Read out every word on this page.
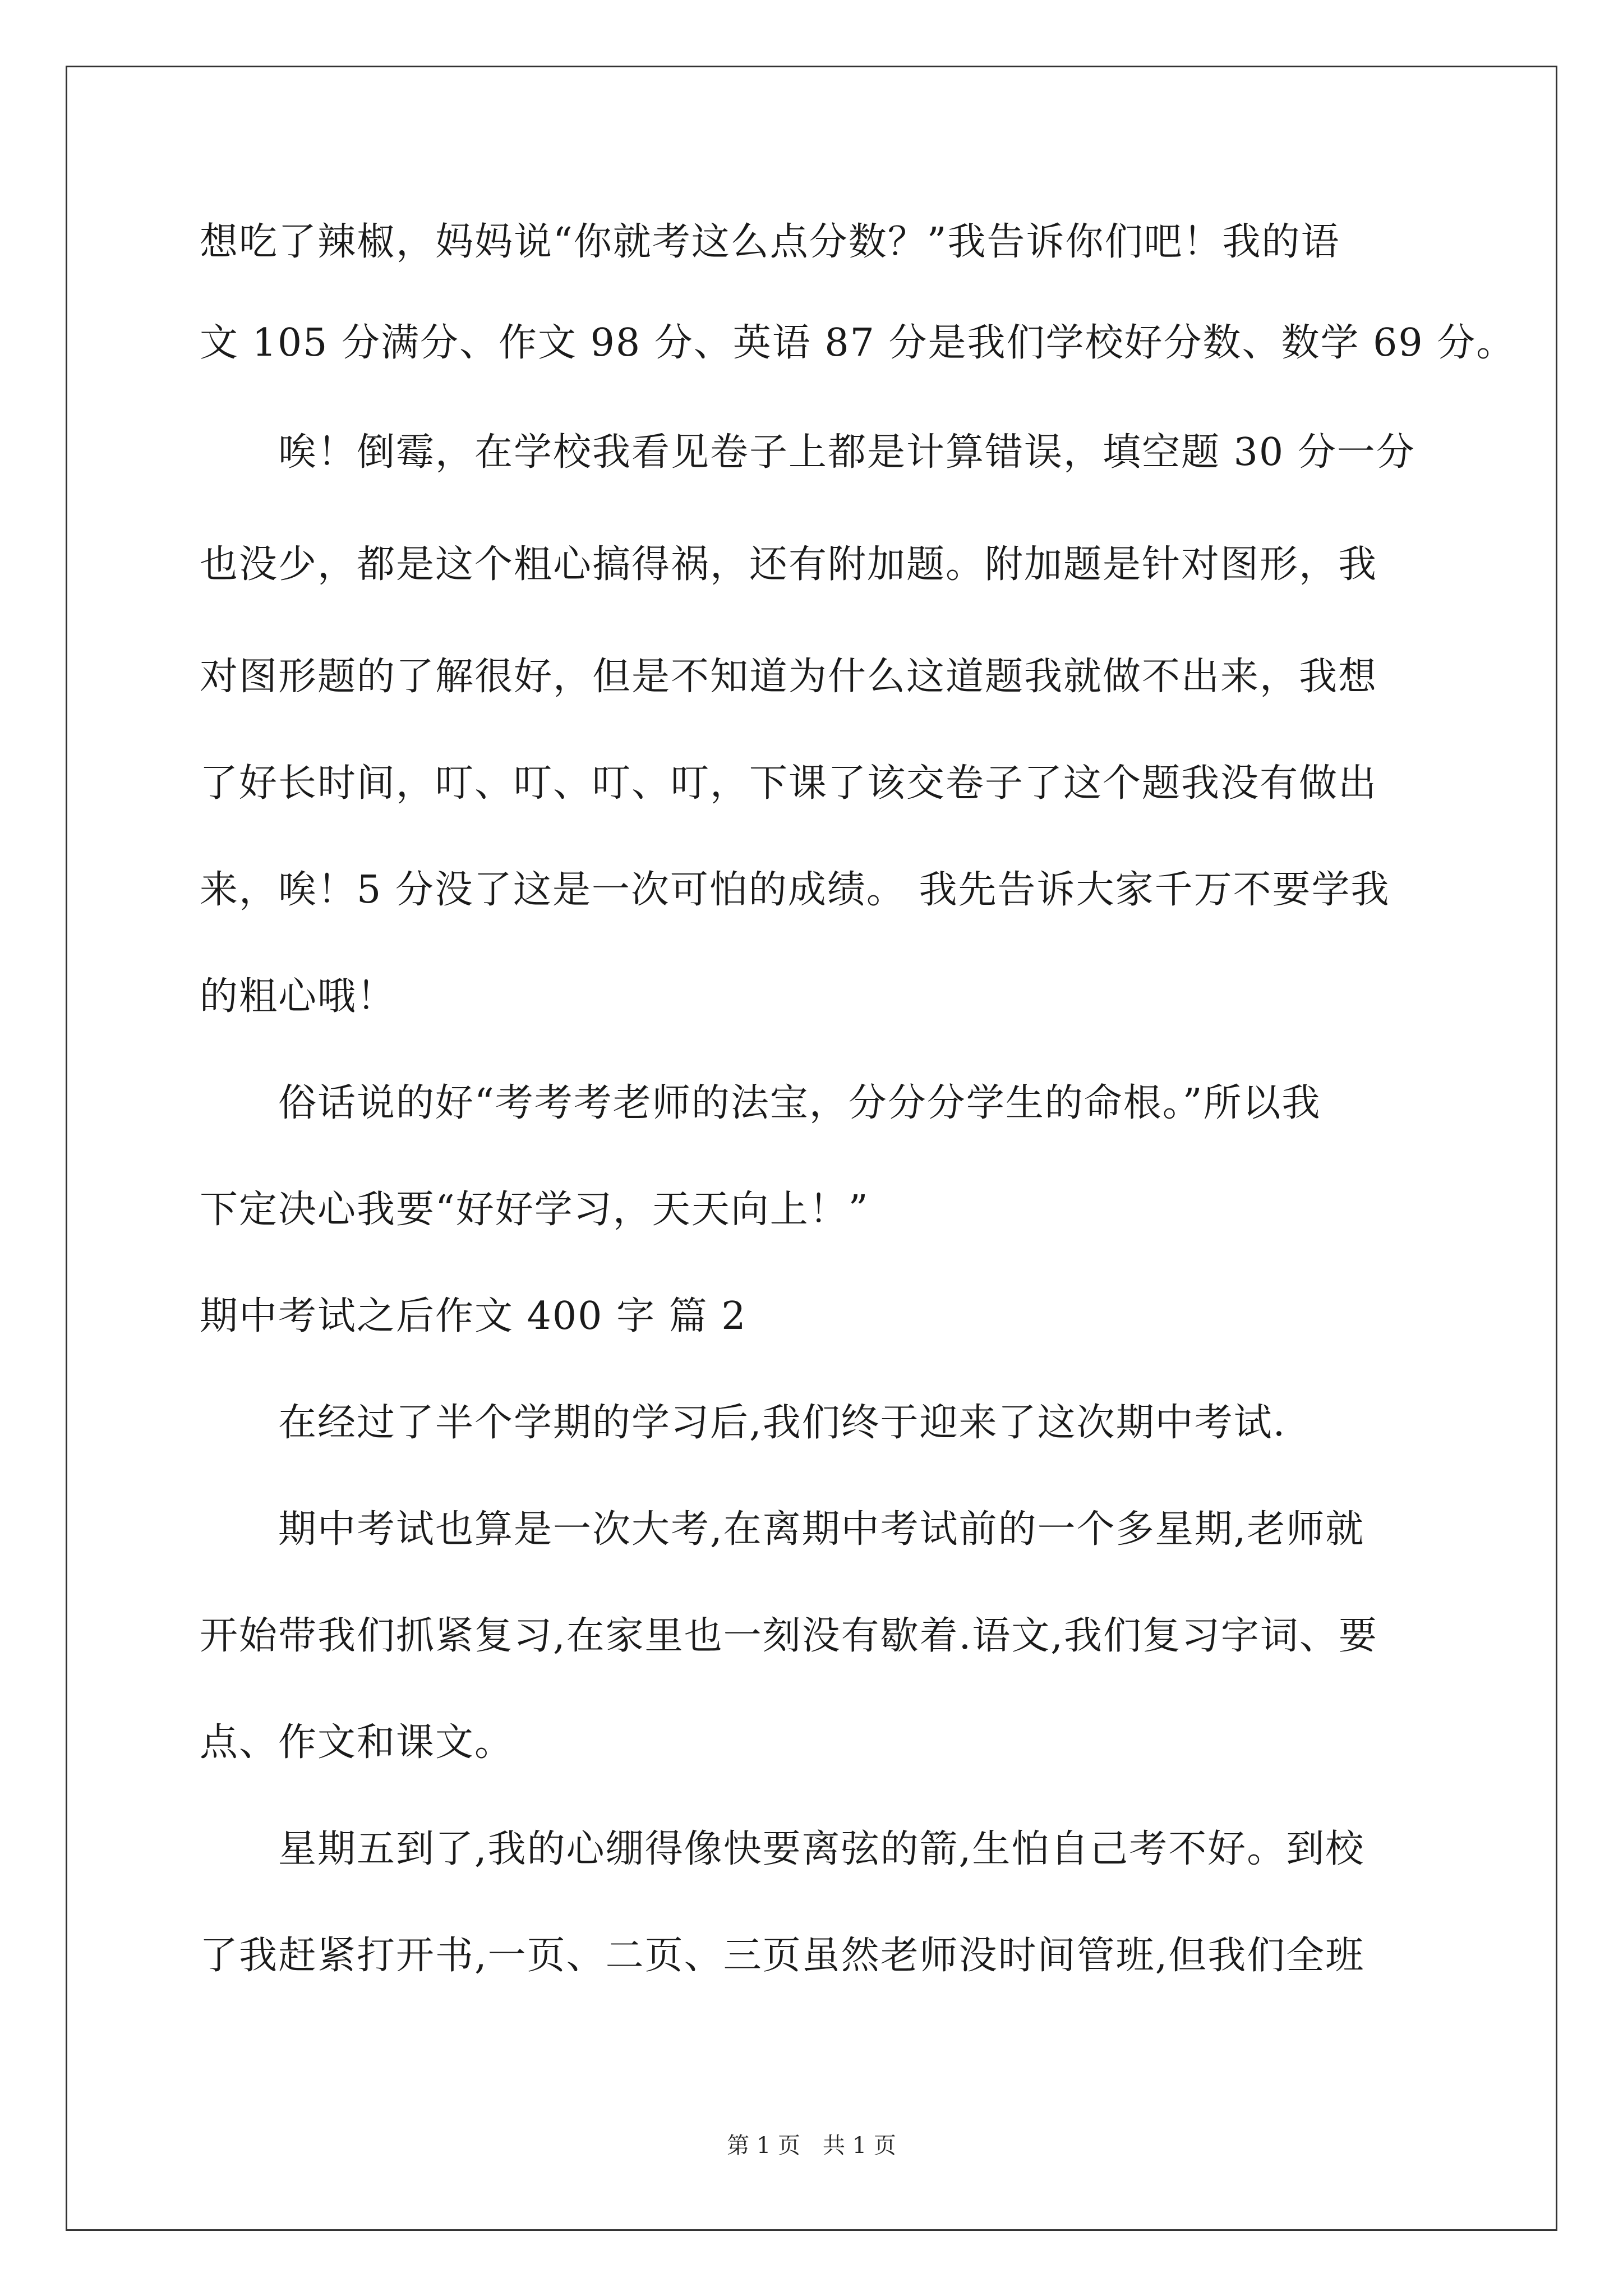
想吃了辣椒，妈妈说“你就考这么点分数？”我告诉你们吧！我的语
文 105 分满分、作文 98 分、英语 87 分是我们学校好分数、数学 69 分。
　　唉！倒霉，在学校我看见卷子上都是计算错误，填空题 30 分一分
也没少，都是这个粗心搞得祸，还有附加题。附加题是针对图形，我
对图形题的了解很好，但是不知道为什么这道题我就做不出来，我想
了好长时间，叮、叮、叮、叮，下课了该交卷子了这个题我没有做出
来，唉！5 分没了这是一次可怕的成绩。 我先告诉大家千万不要学我
的粗心哦！
　　俗话说的好“考考考老师的法宝，分分分学生的命根。”所以我
下定决心我要“好好学习，天天向上！”
期中考试之后作文 400 字 篇 2
　　在经过了半个学期的学习后,我们终于迎来了这次期中考试.
　　期中考试也算是一次大考,在离期中考试前的一个多星期,老师就
开始带我们抓紧复习,在家里也一刻没有歇着.语文,我们复习字词、要
点、作文和课文。
　　星期五到了,我的心绷得像快要离弦的箭,生怕自己考不好。到校
了我赶紧打开书,一页、二页、三页虽然老师没时间管班,但我们全班
第 1 页　共 1 页
